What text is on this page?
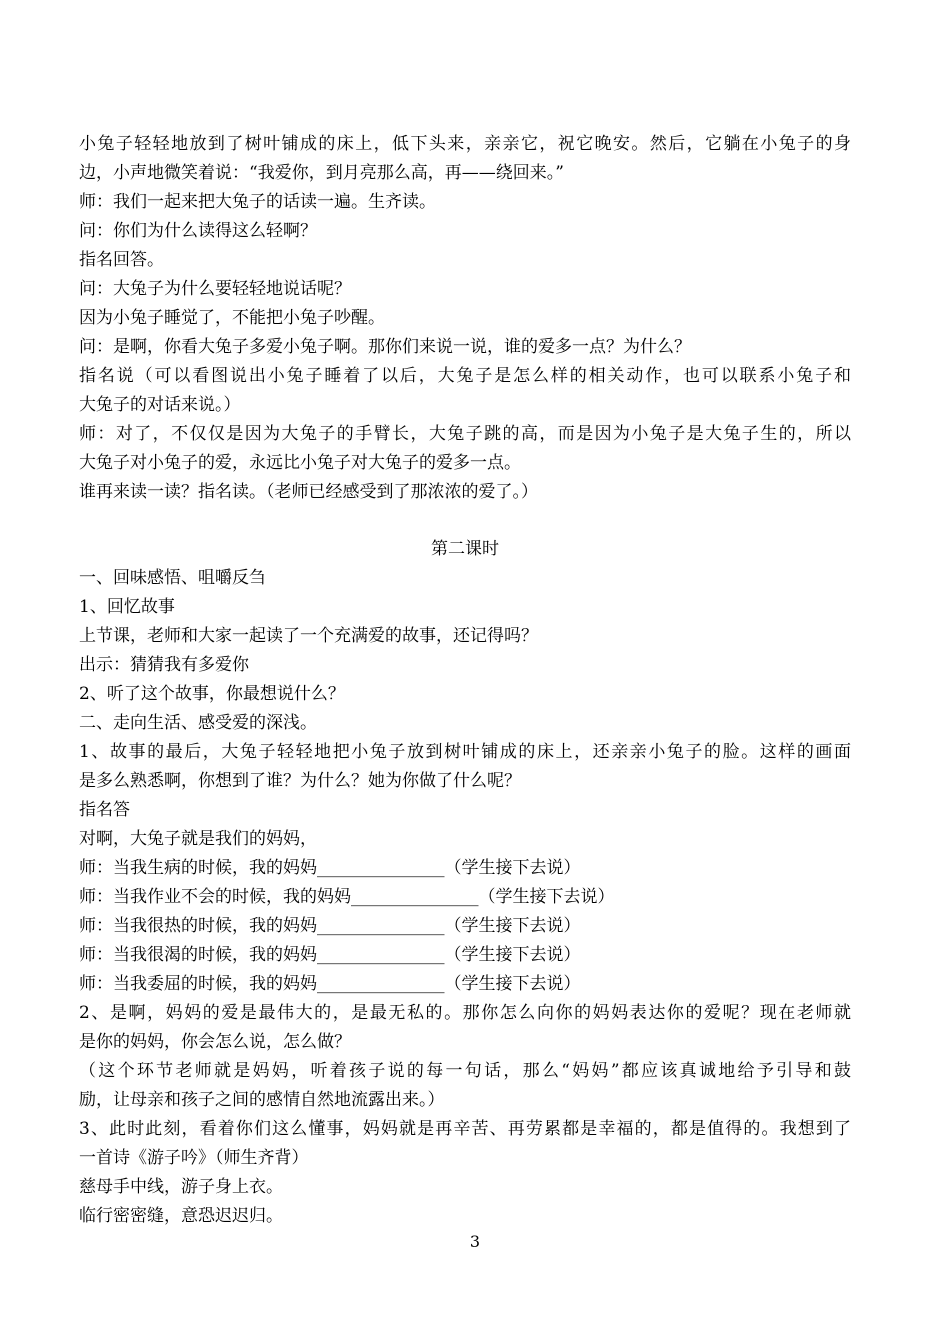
小兔子轻轻地放到了树叶铺成的床上，低下头来，亲亲它，祝它晚安。然后，它躺在小兔子的身
边，小声地微笑着说：“我爱你，到月亮那么高，再——绕回来。”
师：我们一起来把大兔子的话读一遍。生齐读。
问：你们为什么读得这么轻啊？
指名回答。
问：大兔子为什么要轻轻地说话呢？
因为小兔子睡觉了，不能把小兔子吵醒。
问：是啊，你看大兔子多爱小兔子啊。那你们来说一说，谁的爱多一点？为什么？
指名说（可以看图说出小兔子睡着了以后，大兔子是怎么样的相关动作，也可以联系小兔子和
大兔子的对话来说。）
师：对了，不仅仅是因为大兔子的手臂长，大兔子跳的高，而是因为小兔子是大兔子生的，所以
大兔子对小兔子的爱，永远比小兔子对大兔子的爱多一点。
谁再来读一读？指名读。（老师已经感受到了那浓浓的爱了。）
第二课时
一、回味感悟、咀嚼反刍
1、回忆故事
上节课，老师和大家一起读了一个充满爱的故事，还记得吗？
出示：猜猜我有多爱你
2、听了这个故事，你最想说什么？
二、走向生活、感受爱的深浅。
1、故事的最后，大兔子轻轻地把小兔子放到树叶铺成的床上，还亲亲小兔子的脸。这样的画面
是多么熟悉啊，你想到了谁？为什么？她为你做了什么呢？
指名答
对啊，大兔子就是我们的妈妈，
师：当我生病的时候，我的妈妈_______________（学生接下去说）
师：当我作业不会的时候，我的妈妈_______________（学生接下去说）
师：当我很热的时候，我的妈妈_______________（学生接下去说）
师：当我很渴的时候，我的妈妈_______________（学生接下去说）
师：当我委屈的时候，我的妈妈_______________（学生接下去说）
2、是啊，妈妈的爱是最伟大的，是最无私的。那你怎么向你的妈妈表达你的爱呢？现在老师就
是你的妈妈，你会怎么说，怎么做？
（这个环节老师就是妈妈，听着孩子说的每一句话，那么“妈妈”都应该真诚地给予引导和鼓
励，让母亲和孩子之间的感情自然地流露出来。）
3、此时此刻，看着你们这么懂事，妈妈就是再辛苦、再劳累都是幸福的，都是值得的。我想到了
一首诗《游子吟》（师生齐背）
慈母手中线，游子身上衣。
临行密密缝，意恐迟迟归。
3
